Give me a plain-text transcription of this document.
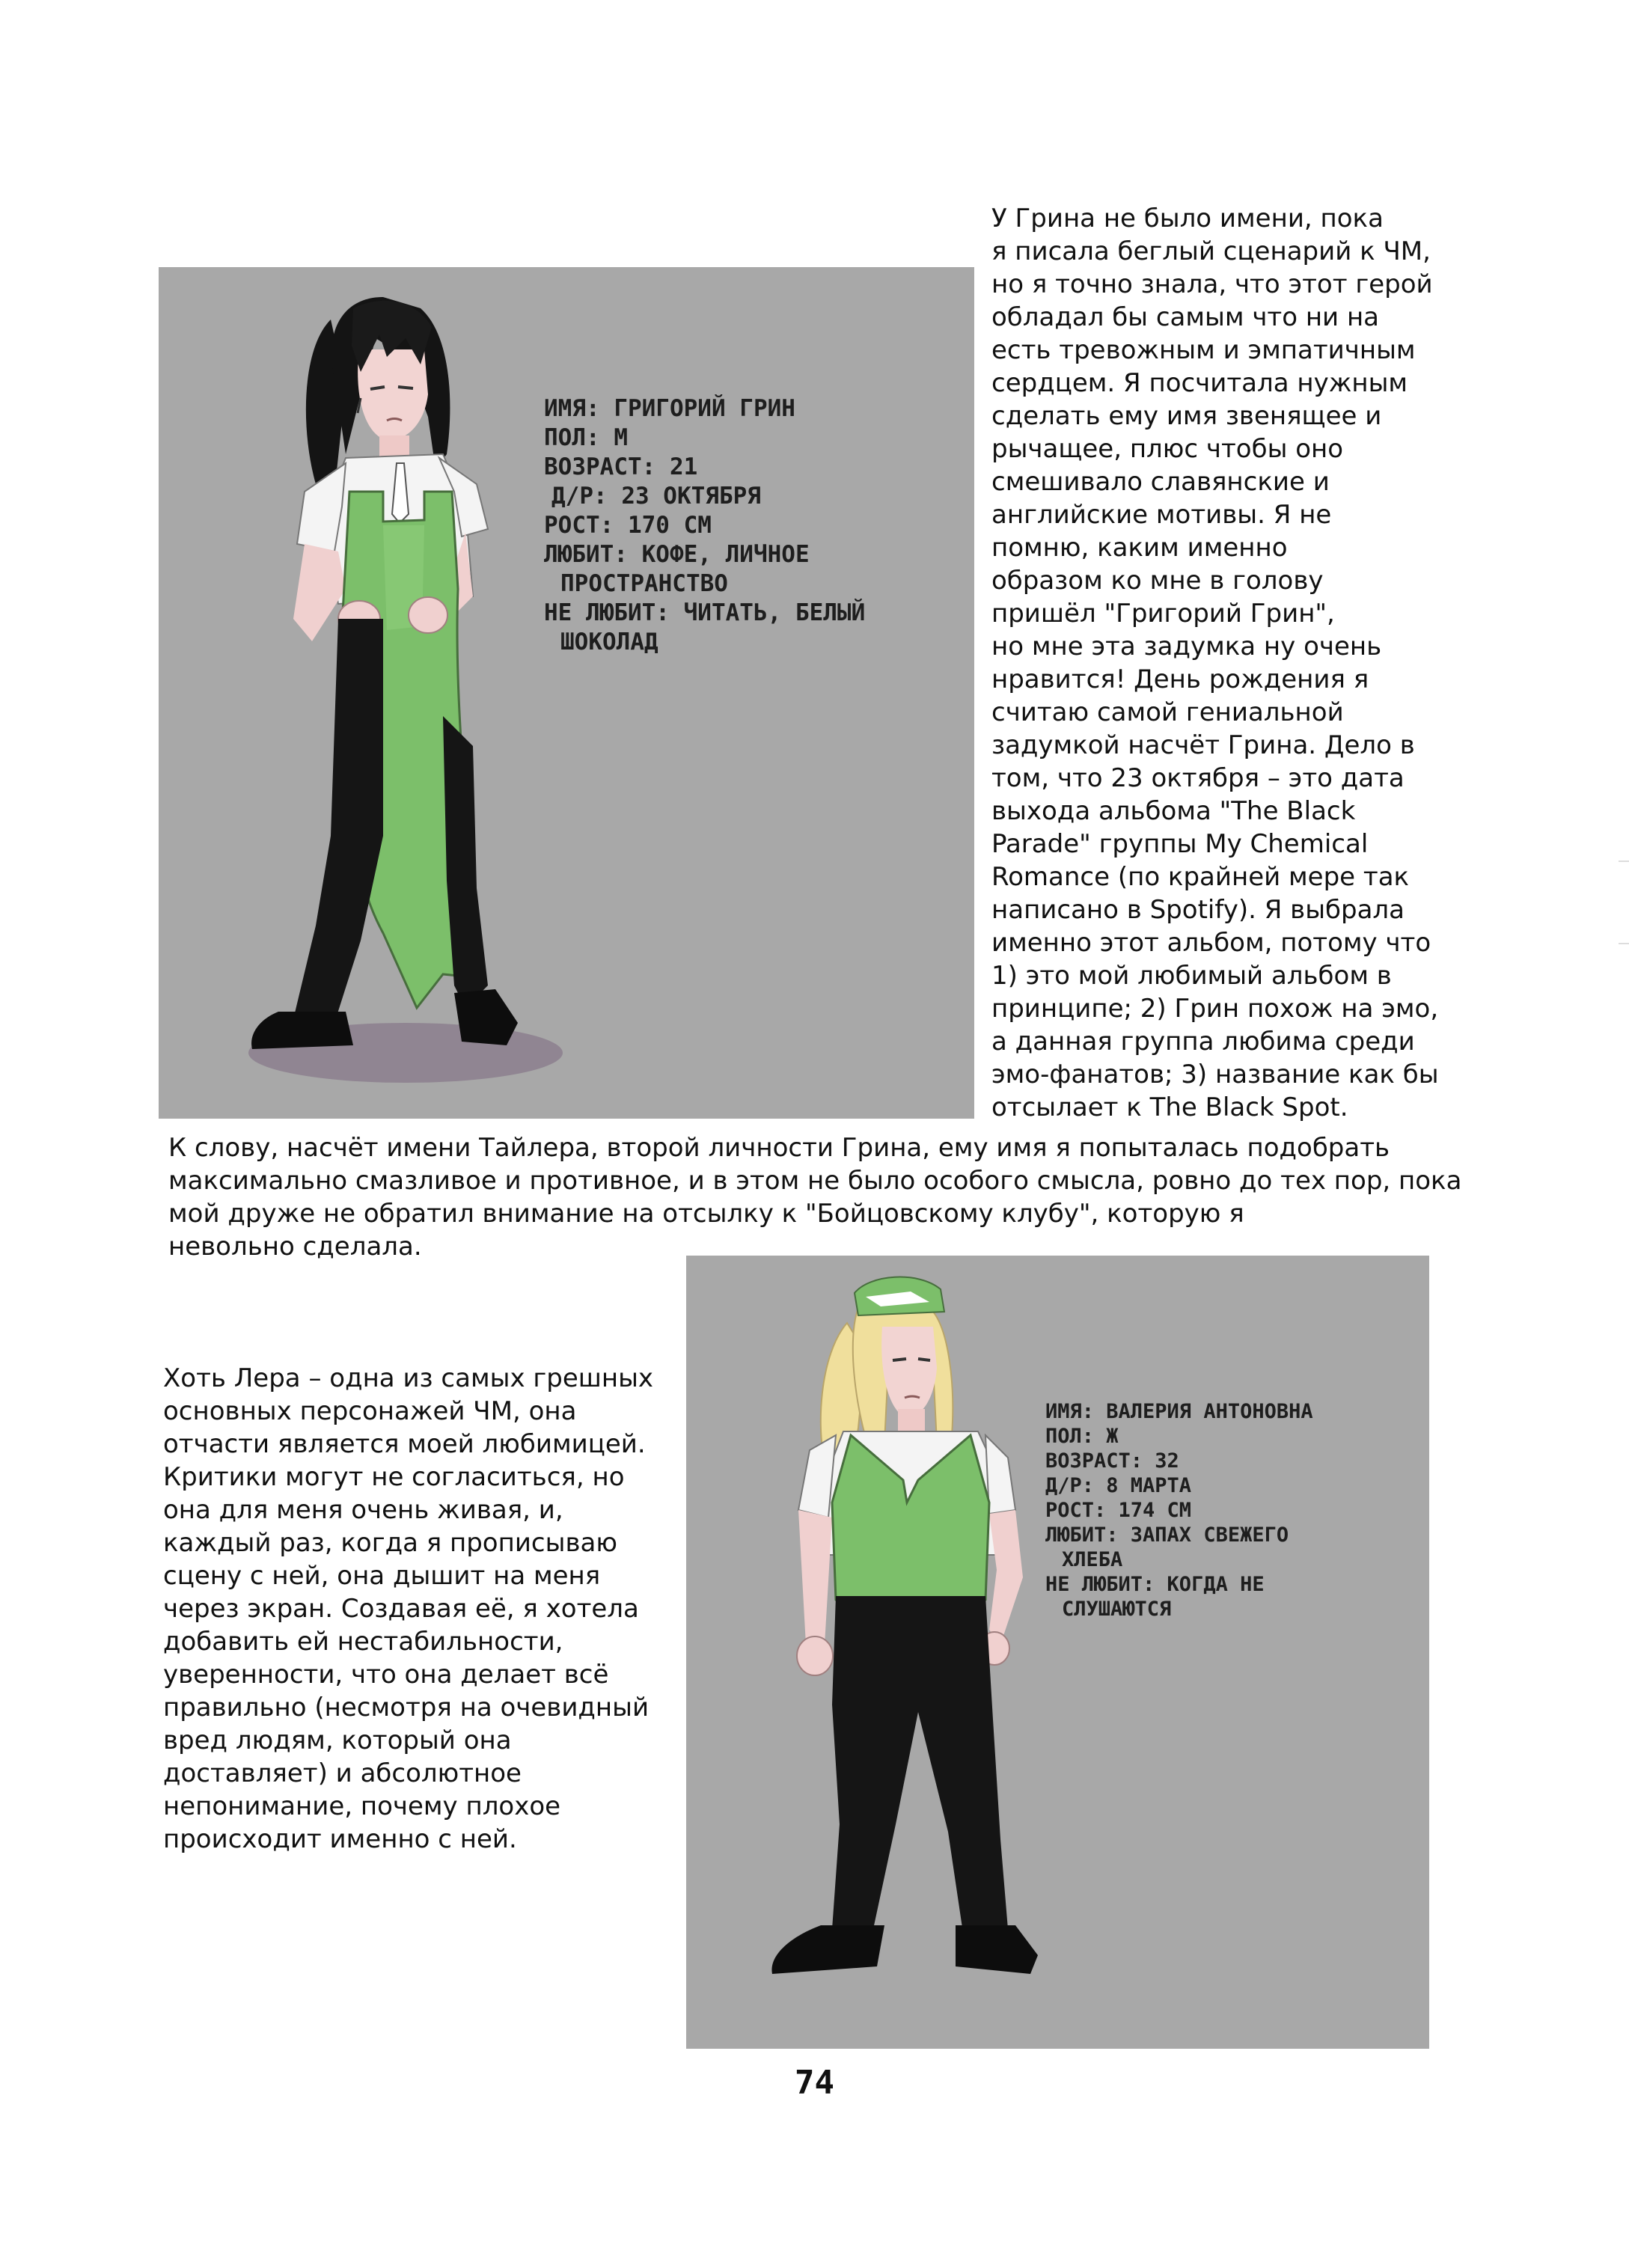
ИМЯ: ГРИГОРИЙ ГРИН
ПОЛ: М
ВОЗРАСТ: 21
Д/Р: 23 ОКТЯБРЯ
РОСТ: 170 СМ
ЛЮБИТ: КОФЕ, ЛИЧНОЕ
ПРОСТРАНСТВО
НЕ ЛЮБИТ: ЧИТАТЬ, БЕЛЫЙ
ШОКОЛАД

У Грина не было имени, пока
я писала беглый сценарий к ЧМ,
но я точно знала, что этот герой
обладал бы самым что ни на
есть тревожным и эмпатичным
сердцем. Я посчитала нужным
сделать ему имя звенящее и
рычащее, плюс чтобы оно
смешивало славянские и
английские мотивы. Я не
помню, каким именно
образом ко мне в голову
пришёл "Григорий Грин",
но мне эта задумка ну очень
нравится! День рождения я
считаю самой гениальной
задумкой насчёт Грина. Дело в
том, что 23 октября – это дата
выхода альбома "The Black
Parade" группы My Chemical
Romance (по крайней мере так
написано в Spotify). Я выбрала
именно этот альбом, потому что
1) это мой любимый альбом в
принципе; 2) Грин похож на эмо,
а данная группа любима среди
эмо-фанатов; 3) название как бы
отсылает к The Black Spot.

К слову, насчёт имени Тайлера, второй личности Грина, ему имя я попыталась подобрать
максимально смазливое и противное, и в этом не было особого смысла, ровно до тех пор, пока
мой друже не обратил внимание на отсылку к "Бойцовскому клубу", которую я
невольно сделала.

ИМЯ: ВАЛЕРИЯ АНТОНОВНА
ПОЛ: Ж
ВОЗРАСТ: 32
Д/Р: 8 МАРТА
РОСТ: 174 СМ
ЛЮБИТ: ЗАПАХ СВЕЖЕГО
ХЛЕБА
НЕ ЛЮБИТ: КОГДА НЕ
СЛУШАЮТСЯ

Хоть Лера – одна из самых грешных
основных персонажей ЧМ, она
отчасти является моей любимицей.
Критики могут не согласиться, но
она для меня очень живая, и,
каждый раз, когда я прописываю
сцену с ней, она дышит на меня
через экран. Создавая её, я хотела
добавить ей нестабильности,
уверенности, что она делает всё
правильно (несмотря на очевидный
вред людям, который она
доставляет) и абсолютное
непонимание, почему плохое
происходит именно с ней.

74
